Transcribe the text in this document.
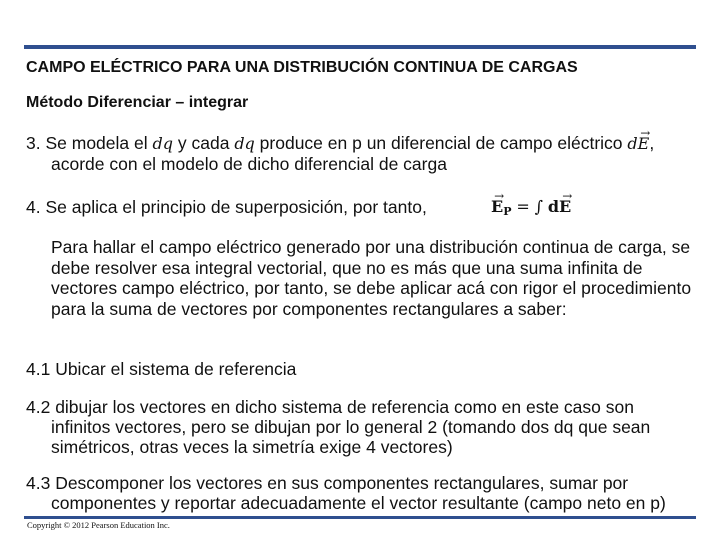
CAMPO ELÉCTRICO PARA UNA DISTRIBUCIÓN CONTINUA DE CARGAS
Método Diferenciar – integrar
3. Se modela el dq y cada dq produce en p un diferencial de campo eléctrico d→ E,
acorde con el modelo de dicho diferencial de carga
4. Se aplica el principio de superposición, por tanto,
→	$E_P$ = ∫ d→ E
Para hallar el campo eléctrico generado por una distribución continua de carga, se debe resolver esa integral vectorial, que no es más que una suma infinita de vectores campo eléctrico, por tanto, se debe aplicar acá con rigor el procedimiento para la suma de vectores por componentes rectangulares a saber:
4.1 Ubicar el sistema de referencia
4.2 dibujar los vectores en dicho sistema de referencia como en este caso son
infinitos vectores, pero se dibujan por lo general 2 (tomando dos dq que sean
simétricos, otras veces la simetría exige 4 vectores)
4.3 Descomponer los vectores en sus componentes rectangulares, sumar por
componentes y reportar adecuadamente el vector resultante (campo neto en p)
Copyright © 2012 Pearson Education Inc.
